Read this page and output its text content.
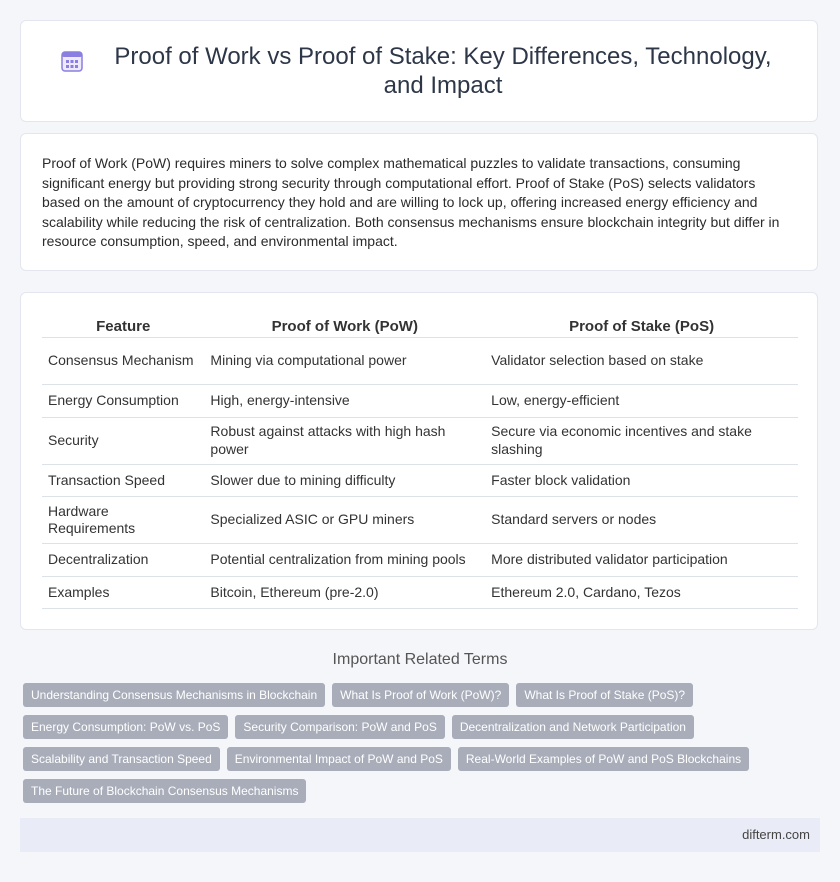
Proof of Work vs Proof of Stake: Key Differences, Technology, and Impact

Proof of Work (PoW) requires miners to solve complex mathematical puzzles to validate transactions, consuming significant energy but providing strong security through computational effort. Proof of Stake (PoS) selects validators based on the amount of cryptocurrency they hold and are willing to lock up, offering increased energy efficiency and scalability while reducing the risk of centralization. Both consensus mechanisms ensure blockchain integrity but differ in resource consumption, speed, and environmental impact.

Feature	Proof of Work (PoW)	Proof of Stake (PoS)
Consensus Mechanism	Mining via computational power	Validator selection based on stake
Energy Consumption	High, energy-intensive	Low, energy-efficient
Security	Robust against attacks with high hash power	Secure via economic incentives and stake slashing
Transaction Speed	Slower due to mining difficulty	Faster block validation
Hardware Requirements	Specialized ASIC or GPU miners	Standard servers or nodes
Decentralization	Potential centralization from mining pools	More distributed validator participation
Examples	Bitcoin, Ethereum (pre-2.0)	Ethereum 2.0, Cardano, Tezos
Important Related Terms
Understanding Consensus Mechanisms in Blockchain	What Is Proof of Work (PoW)?	What Is Proof of Stake (PoS)?
Energy Consumption: PoW vs. PoS	Security Comparison: PoW and PoS	Decentralization and Network Participation
Scalability and Transaction Speed	Environmental Impact of PoW and PoS	Real-World Examples of PoW and PoS Blockchains
The Future of Blockchain Consensus Mechanisms
difterm.com
